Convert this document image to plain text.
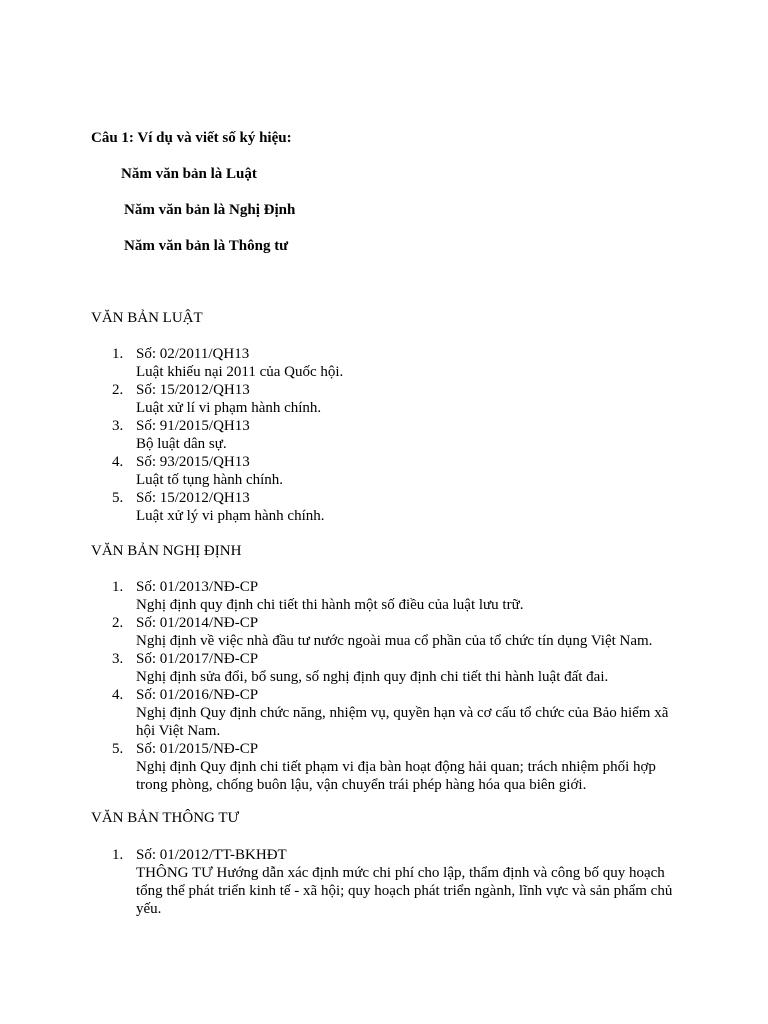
Câu 1: Ví dụ và viết số ký hiệu:
Năm văn bản là Luật
Năm văn bản là Nghị Định
Năm văn bản là Thông tư
VĂN BẢN LUẬT
1. Số: 02/2011/QH13
Luật khiếu nại 2011 của Quốc hội.
2. Số: 15/2012/QH13
Luật xử lí vi phạm hành chính.
3. Số: 91/2015/QH13
Bộ luật dân sự.
4. Số: 93/2015/QH13
Luật tố tụng hành chính.
5. Số: 15/2012/QH13
Luật xử lý vi phạm hành chính.
VĂN BẢN NGHỊ ĐỊNH
1. Số: 01/2013/NĐ-CP
Nghị định quy định chi tiết thi hành một số điều của luật lưu trữ.
2. Số: 01/2014/NĐ-CP
Nghị định về việc nhà đầu tư nước ngoài mua cổ phần của tổ chức tín dụng Việt Nam.
3. Số: 01/2017/NĐ-CP
Nghị định sửa đổi, bổ sung, số nghị định quy định chi tiết thi hành luật đất đai.
4. Số: 01/2016/NĐ-CP
Nghị định Quy định chức năng, nhiệm vụ, quyền hạn và cơ cấu tổ chức của Bảo hiểm xã
hội Việt Nam.
5. Số: 01/2015/NĐ-CP
Nghị định Quy định chi tiết phạm vi địa bàn hoạt động hải quan; trách nhiệm phối hợp
trong phòng, chống buôn lậu, vận chuyển trái phép hàng hóa qua biên giới.
VĂN BẢN THÔNG TƯ
1. Số: 01/2012/TT-BKHĐT
THÔNG TƯ Hướng dẫn xác định mức chi phí cho lập, thẩm định và công bố quy hoạch
tổng thể phát triển kinh tế - xã hội; quy hoạch phát triển ngành, lĩnh vực và sản phẩm chủ
yếu.
